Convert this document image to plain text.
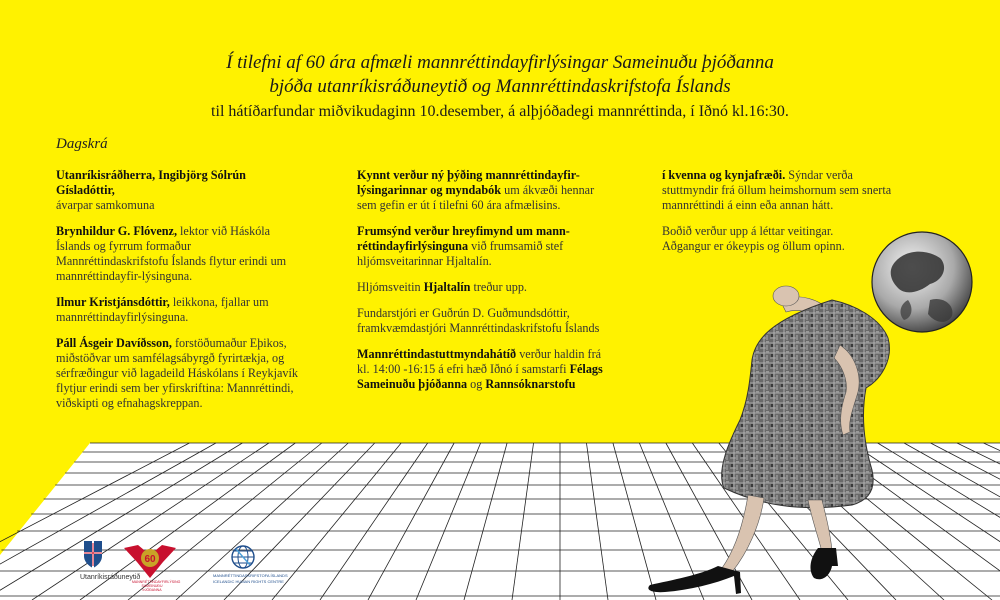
Í tilefni af 60 ára afmæli mannréttindayfirlýsingar Sameinuðu þjóðanna
bjóða utanríkisráðuneytið og Mannréttindaskrifstofa Íslands
til hátíðarfundar miðvikudaginn 10.desember, á alþjóðadegi mannréttinda, í Iðnó kl.16:30.
Dagskrá

Utanríkisráðherra, Ingibjörg Sólrún Gísladóttir,
ávarpar samkomuna

Brynhildur G. Flóvenz, lektor við Háskóla Íslands og fyrrum formaður Mannréttindaskrifstofu Íslands flytur erindi um mannréttindayfir-lýsinguna.

Ilmur Kristjánsdóttir, leikkona, fjallar um mannréttindayfirlýsinguna.

Páll Ásgeir Davíðsson, forstöðumaður Eþikos, miðstöðvar um samfélagsábyrgð fyrirtækja, og sérfræðingur við lagadeild Háskólans í Reykjavík flytjur erindi sem ber yfirskriftina: Mannréttindi, viðskipti og efnahagskreppan.

Kynnt verður ný þýðing mannréttindayfir-lýsingarinnar og myndabók um ákvæði hennar sem gefin er út í tilefni 60 ára afmælisins.

Frumsýnd verður hreyfimynd um mann-réttindayfirlýsinguna við frumsamið stef hljómsveitarinnar Hjaltalín.

Hljómsveitin Hjaltalín treður upp.

Fundarstjóri er Guðrún D. Guðmundsdóttir, framkvæmdastjóri Mannréttindaskrifstofu Íslands

Mannréttindastuttmyndahátíð verður haldin frá kl. 14:00 -16:15 á efri hæð Iðnó í samstarfi Félags Sameinuðu þjóðanna og Rannsóknarstofu

í kvenna og kynjafræði. Sýndar verða stuttmyndir frá öllum heimshornum sem snerta mannréttindi á einn eða annan hátt.

Boðið verður upp á léttar veitingar.
Aðgangur er ókeypis og öllum opinn.

60
Utanríkisráðuneytið
MANNRÉTTINDAYFIRLÝSING SAMEINUÐU ÞJÓÐANNA
MANNRÉTTINDASKRIFSTOFA ÍSLANDS
ICELANDIC HUMAN RIGHTS CENTRE
